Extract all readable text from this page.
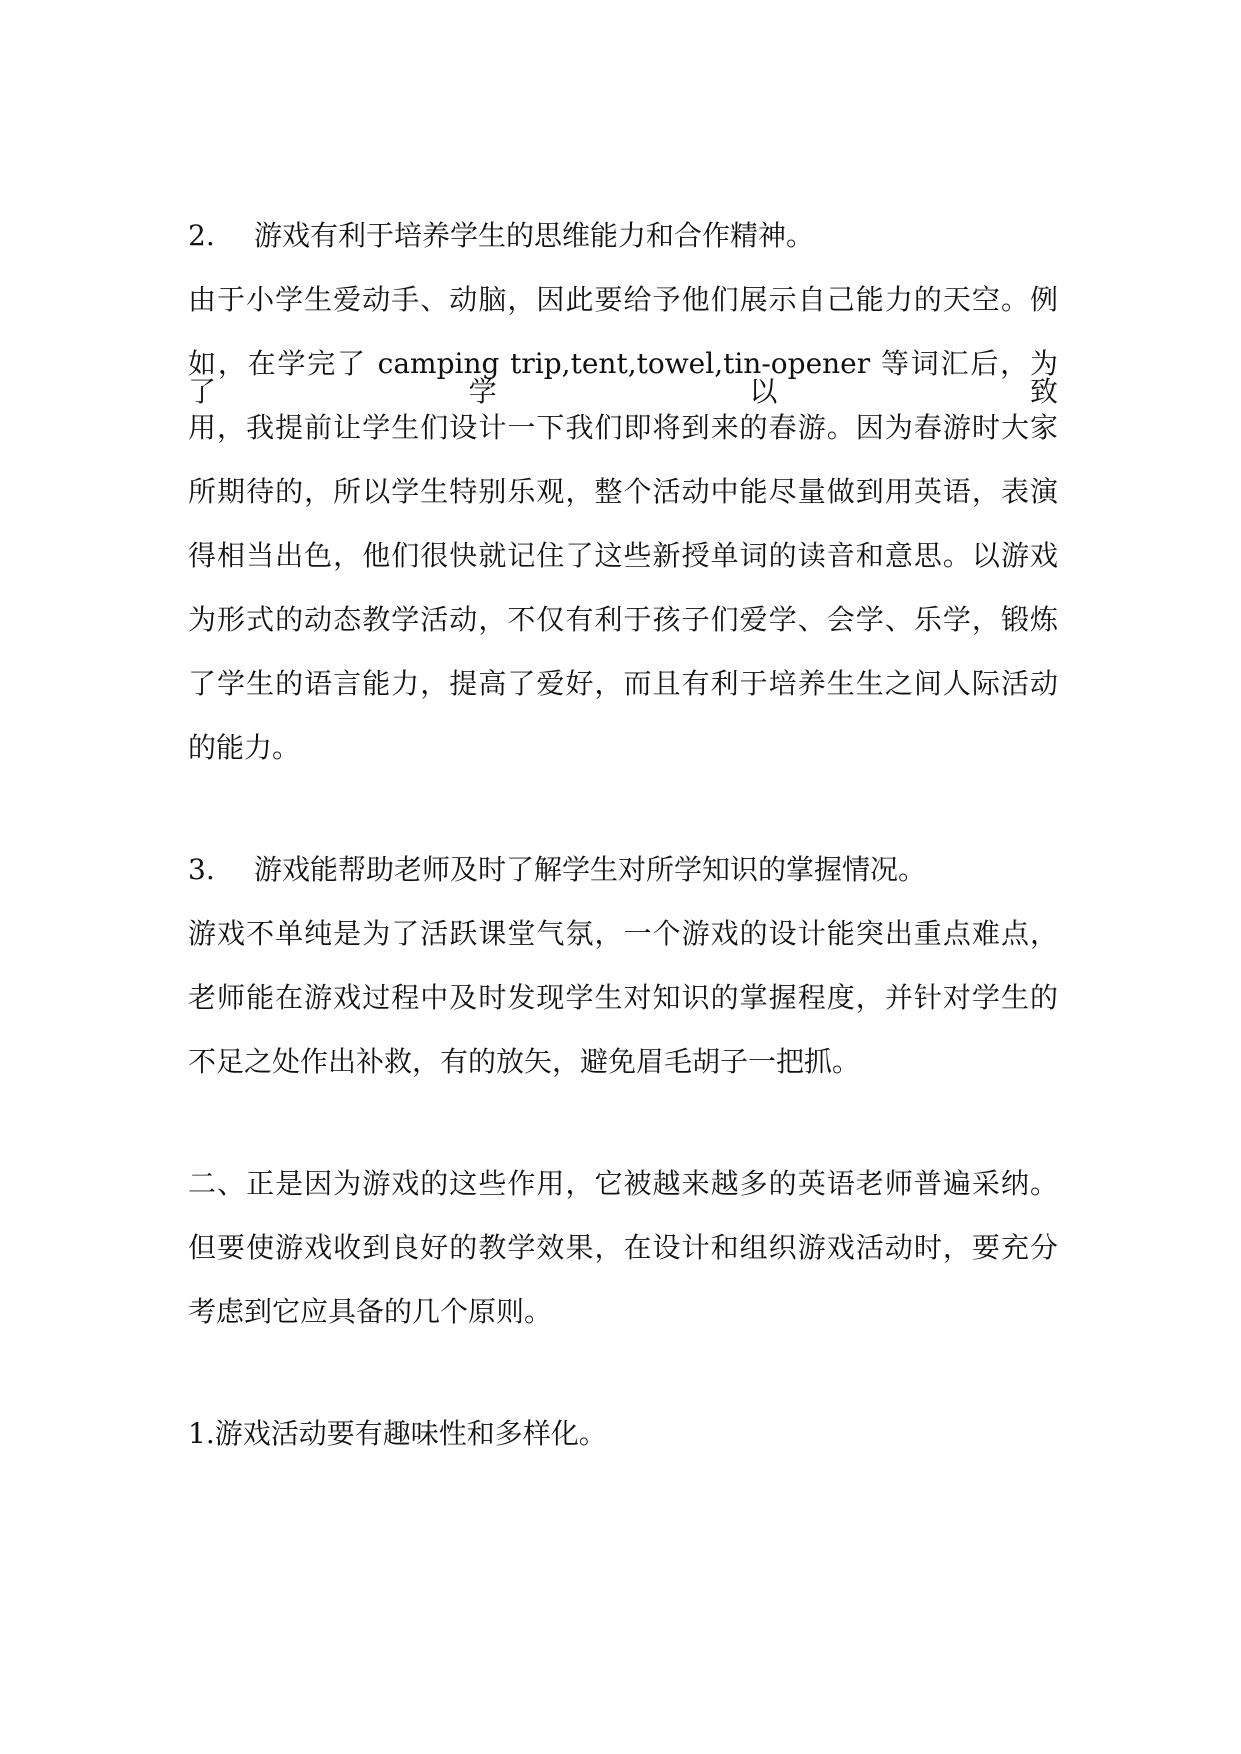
2. 游戏有利于培养学生的思维能力和合作精神。
由于小学生爱动手、动脑，因此要给予他们展示自己能力的天空。例
如，在学完了 camping trip,tent,towel,tin-opener 等词汇后，为了学以致
用，我提前让学生们设计一下我们即将到来的春游。因为春游时大家
所期待的，所以学生特别乐观，整个活动中能尽量做到用英语，表演
得相当出色，他们很快就记住了这些新授单词的读音和意思。以游戏
为形式的动态教学活动，不仅有利于孩子们爱学、会学、乐学，锻炼
了学生的语言能力，提高了爱好，而且有利于培养生生之间人际活动
的能力。
3. 游戏能帮助老师及时了解学生对所学知识的掌握情况。
游戏不单纯是为了活跃课堂气氛，一个游戏的设计能突出重点难点，
老师能在游戏过程中及时发现学生对知识的掌握程度，并针对学生的
不足之处作出补救，有的放矢，避免眉毛胡子一把抓。
二、正是因为游戏的这些作用，它被越来越多的英语老师普遍采纳。
但要使游戏收到良好的教学效果，在设计和组织游戏活动时，要充分
考虑到它应具备的几个原则。
1.游戏活动要有趣味性和多样化。
